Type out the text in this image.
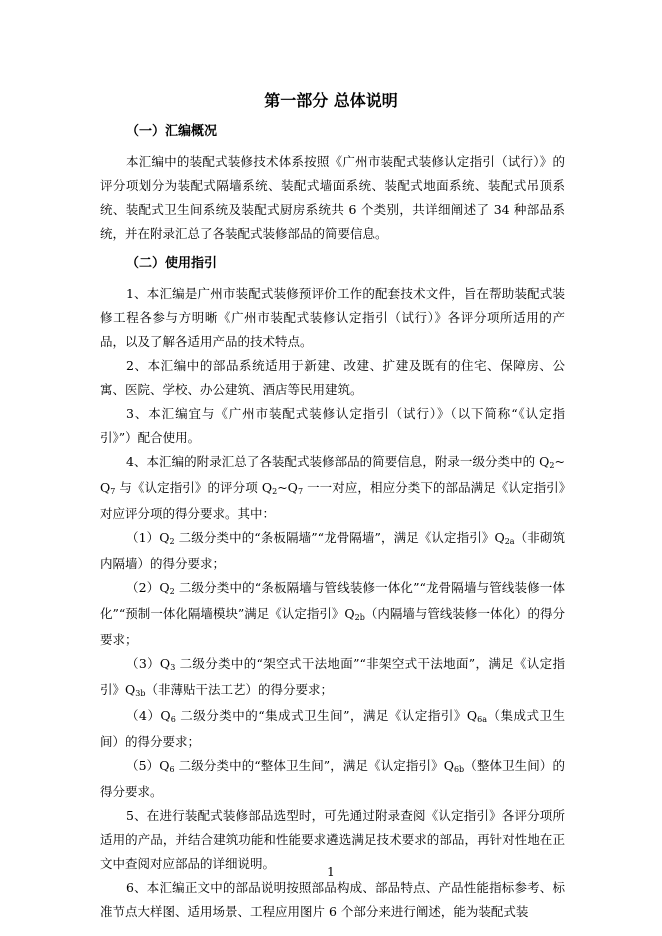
第一部分 总体说明
（一）汇编概况

本汇编中的装配式装修技术体系按照《广州市装配式装修认定指引（试行）》的评分项划分为装配式隔墙系统、装配式墙面系统、装配式地面系统、装配式吊顶系统、装配式卫生间系统及装配式厨房系统共 6 个类别，共详细阐述了 34 种部品系统，并在附录汇总了各装配式装修部品的简要信息。

（二）使用指引

1、本汇编是广州市装配式装修预评价工作的配套技术文件，旨在帮助装配式装修工程各参与方明晰《广州市装配式装修认定指引（试行）》各评分项所适用的产品，以及了解各适用产品的技术特点。

2、本汇编中的部品系统适用于新建、改建、扩建及既有的住宅、保障房、公寓、医院、学校、办公建筑、酒店等民用建筑。

3、本汇编宜与《广州市装配式装修认定指引（试行）》（以下简称“《认定指引》”）配合使用。

4、本汇编的附录汇总了各装配式装修部品的简要信息，附录一级分类中的 $Q_2\sim Q_7$ 与《认定指引》的评分项 $Q_2\sim Q_7$ 一一对应，相应分类下的部品满足《认定指引》对应评分项的得分要求。其中：

$(1)Q_2$ 二级分类中的“条板隔墙”“龙骨隔墙”，满足《认定指引》$Q_{2a}$（非砌筑内隔墙）的得分要求；

$(2)Q_2$ 二级分类中的“条板隔墙与管线装修一体化”“龙骨隔墙与管线装修一体化”“预制一体化隔墙模块”满足《认定指引》$Q_{2b}$（内隔墙与管线装修一体化）的得分要求；

$(3)Q_3$ 二级分类中的“架空式干法地面”“非架空式干法地面”，满足《认定指引》$Q_{3b}$（非薄贴干法工艺）的得分要求；

$(4)Q_6$ 二级分类中的“集成式卫生间”，满足《认定指引》$Q_{6a}$（集成式卫生间）的得分要求；

$(5)Q_6$ 二级分类中的“整体卫生间”，满足《认定指引》$Q_{6b}$（整体卫生间）的得分要求。

5、在进行装配式装修部品选型时，可先通过附录查阅《认定指引》各评分项所适用的产品，并结合建筑功能和性能要求遴选满足技术要求的部品，再针对性地在正文中查阅对应部品的详细说明。

6、本汇编正文中的部品说明按照部品构成、部品特点、产品性能指标参考、标准节点大样图、适用场景、工程应用图片 6 个部分来进行阐述，能为装配式装

1
